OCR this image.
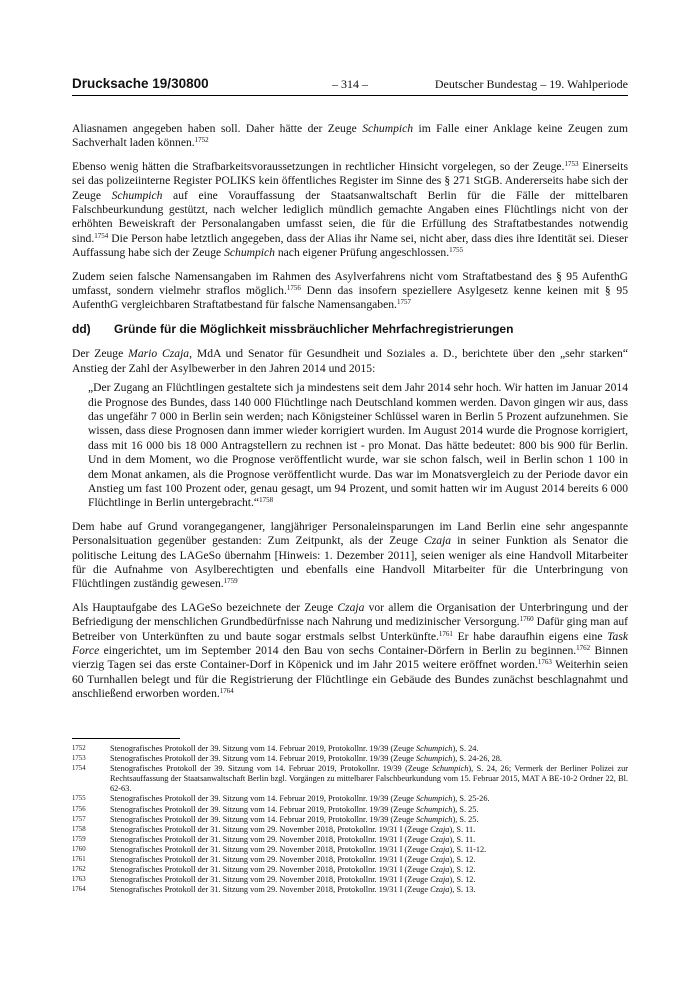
Drucksache 19/30800	– 314 –	Deutscher Bundestag – 19. Wahlperiode

Aliasnamen angegeben haben soll. Daher hätte der Zeuge Schumpich im Falle einer Anklage keine Zeugen zum Sachverhalt laden können.$^{1752}$

Ebenso wenig hätten die Strafbarkeitsvoraussetzungen in rechtlicher Hinsicht vorgelegen, so der Zeuge.$^{1753}$ Einerseits sei das polizeiinterne Register POLIKS kein öffentliches Register im Sinne des § 271 StGB. Andererseits habe sich der Zeuge Schumpich auf eine Vorauffassung der Staatsanwaltschaft Berlin für die Fälle der mittelbaren Falschbeurkundung gestützt, nach welcher lediglich mündlich gemachte Angaben eines Flüchtlings nicht von der erhöhten Beweiskraft der Personalangaben umfasst seien, die für die Erfüllung des Straftatbestandes notwendig sind.$^{1754}$ Die Person habe letztlich angegeben, dass der Alias ihr Name sei, nicht aber, dass dies ihre Identität sei. Dieser Auffassung habe sich der Zeuge Schumpich nach eigener Prüfung angeschlossen.$^{1755}$

Zudem seien falsche Namensangaben im Rahmen des Asylverfahrens nicht vom Straftatbestand des § 95 AufenthG umfasst, sondern vielmehr straflos möglich.$^{1756}$ Denn das insofern speziellere Asylgesetz kenne keinen mit § 95 AufenthG vergleichbaren Straftatbestand für falsche Namensangaben.$^{1757}$

dd)	Gründe für die Möglichkeit missbräuchlicher Mehrfachregistrierungen

Der Zeuge Mario Czaja, MdA und Senator für Gesundheit und Soziales a. D., berichtete über den „sehr starken“ Anstieg der Zahl der Asylbewerber in den Jahren 2014 und 2015:

„Der Zugang an Flüchtlingen gestaltete sich ja mindestens seit dem Jahr 2014 sehr hoch. Wir hatten im Januar 2014 die Prognose des Bundes, dass 140 000 Flüchtlinge nach Deutschland kommen werden. Davon gingen wir aus, dass das ungefähr 7 000 in Berlin sein werden; nach Königsteiner Schlüssel waren in Berlin 5 Prozent aufzunehmen. Sie wissen, dass diese Prognosen dann immer wieder korrigiert wurden. Im August 2014 wurde die Prognose korrigiert, dass mit 16 000 bis 18 000 Antragstellern zu rechnen ist - pro Monat. Das hätte bedeutet: 800 bis 900 für Berlin. Und in dem Moment, wo die Prognose veröffentlicht wurde, war sie schon falsch, weil in Berlin schon 1 100 in dem Monat ankamen, als die Prognose veröffentlicht wurde. Das war im Monatsvergleich zu der Periode davor ein Anstieg um fast 100 Prozent oder, genau gesagt, um 94 Prozent, und somit hatten wir im August 2014 bereits 6 000 Flüchtlinge in Berlin untergebracht.“$^{1758}$

Dem habe auf Grund vorangegangener, langjähriger Personaleinsparungen im Land Berlin eine sehr angespannte Personalsituation gegenüber gestanden: Zum Zeitpunkt, als der Zeuge Czaja in seiner Funktion als Senator die politische Leitung des LAGeSo übernahm [Hinweis: 1. Dezember 2011], seien weniger als eine Handvoll Mitarbeiter für die Aufnahme von Asylberechtigten und ebenfalls eine Handvoll Mitarbeiter für die Unterbringung von Flüchtlingen zuständig gewesen.$^{1759}$

Als Hauptaufgabe des LAGeSo bezeichnete der Zeuge Czaja vor allem die Organisation der Unterbringung und der Befriedigung der menschlichen Grundbedürfnisse nach Nahrung und medizinischer Versorgung.$^{1760}$ Dafür ging man auf Betreiber von Unterkünften zu und baute sogar erstmals selbst Unterkünfte.$^{1761}$ Er habe daraufhin eigens eine Task Force eingerichtet, um im September 2014 den Bau von sechs Container-Dörfern in Berlin zu beginnen.$^{1762}$ Binnen vierzig Tagen sei das erste Container-Dorf in Köpenick und im Jahr 2015 weitere eröffnet worden.$^{1763}$ Weiterhin seien 60 Turnhallen belegt und für die Registrierung der Flüchtlinge ein Gebäude des Bundes zunächst beschlagnahmt und anschließend erworben worden.$^{1764}$

1752	Stenografisches Protokoll der 39. Sitzung vom 14. Februar 2019, Protokollnr. 19/39 (Zeuge Schumpich), S. 24.
1753	Stenografisches Protokoll der 39. Sitzung vom 14. Februar 2019, Protokollnr. 19/39 (Zeuge Schumpich), S. 24-26, 28.
1754	Stenografisches Protokoll der 39. Sitzung vom 14. Februar 2019, Protokollnr. 19/39 (Zeuge Schumpich), S. 24, 26; Vermerk der Berliner Polizei zur Rechtsauffassung der Staatsanwaltschaft Berlin bzgl. Vorgängen zu mittelbarer Falschbeurkundung vom 15. Februar 2015, MAT A BE-10-2 Ordner 22, Bl. 62-63.
1755	Stenografisches Protokoll der 39. Sitzung vom 14. Februar 2019, Protokollnr. 19/39 (Zeuge Schumpich), S. 25-26.
1756	Stenografisches Protokoll der 39. Sitzung vom 14. Februar 2019, Protokollnr. 19/39 (Zeuge Schumpich), S. 25.
1757	Stenografisches Protokoll der 39. Sitzung vom 14. Februar 2019, Protokollnr. 19/39 (Zeuge Schumpich), S. 25.
1758	Stenografisches Protokoll der 31. Sitzung vom 29. November 2018, Protokollnr. 19/31 I (Zeuge Czaja), S. 11.
1759	Stenografisches Protokoll der 31. Sitzung vom 29. November 2018, Protokollnr. 19/31 I (Zeuge Czaja), S. 11.
1760	Stenografisches Protokoll der 31. Sitzung vom 29. November 2018, Protokollnr. 19/31 I (Zeuge Czaja), S. 11-12.
1761	Stenografisches Protokoll der 31. Sitzung vom 29. November 2018, Protokollnr. 19/31 I (Zeuge Czaja), S. 12.
1762	Stenografisches Protokoll der 31. Sitzung vom 29. November 2018, Protokollnr. 19/31 I (Zeuge Czaja), S. 12.
1763	Stenografisches Protokoll der 31. Sitzung vom 29. November 2018, Protokollnr. 19/31 I (Zeuge Czaja), S. 12.
1764	Stenografisches Protokoll der 31. Sitzung vom 29. November 2018, Protokollnr. 19/31 I (Zeuge Czaja), S. 13.
